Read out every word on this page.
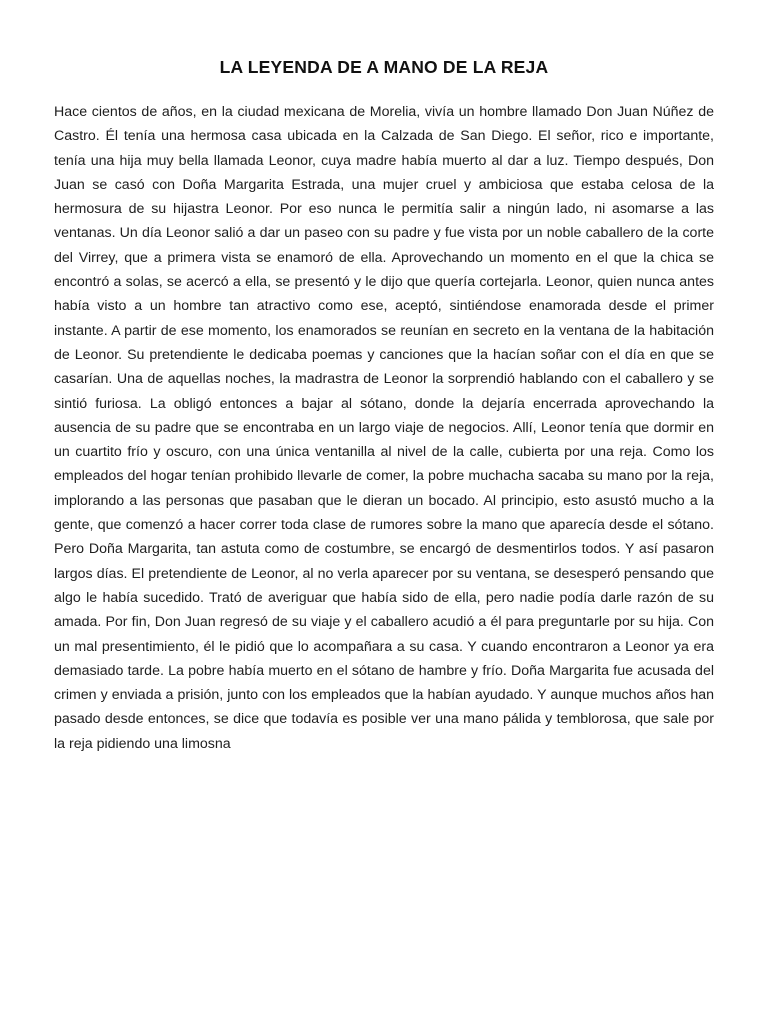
LA LEYENDA DE A MANO DE LA REJA

Hace cientos de años, en la ciudad mexicana de Morelia, vivía un hombre llamado Don Juan Núñez de Castro. Él tenía una hermosa casa ubicada en la Calzada de San Diego. El señor, rico e importante, tenía una hija muy bella llamada Leonor, cuya madre había muerto al dar a luz. Tiempo después, Don Juan se casó con Doña Margarita Estrada, una mujer cruel y ambiciosa que estaba celosa de la hermosura de su hijastra Leonor. Por eso nunca le permitía salir a ningún lado, ni asomarse a las ventanas. Un día Leonor salió a dar un paseo con su padre y fue vista por un noble caballero de la corte del Virrey, que a primera vista se enamoró de ella. Aprovechando un momento en el que la chica se encontró a solas, se acercó a ella, se presentó y le dijo que quería cortejarla. Leonor, quien nunca antes había visto a un hombre tan atractivo como ese, aceptó, sintiéndose enamorada desde el primer instante. A partir de ese momento, los enamorados se reunían en secreto en la ventana de la habitación de Leonor. Su pretendiente le dedicaba poemas y canciones que la hacían soñar con el día en que se casarían. Una de aquellas noches, la madrastra de Leonor la sorprendió hablando con el caballero y se sintió furiosa. La obligó entonces a bajar al sótano, donde la dejaría encerrada aprovechando la ausencia de su padre que se encontraba en un largo viaje de negocios. Allí, Leonor tenía que dormir en un cuartito frío y oscuro, con una única ventanilla al nivel de la calle, cubierta por una reja. Como los empleados del hogar tenían prohibido llevarle de comer, la pobre muchacha sacaba su mano por la reja, implorando a las personas que pasaban que le dieran un bocado. Al principio, esto asustó mucho a la gente, que comenzó a hacer correr toda clase de rumores sobre la mano que aparecía desde el sótano. Pero Doña Margarita, tan astuta como de costumbre, se encargó de desmentirlos todos. Y así pasaron largos días. El pretendiente de Leonor, al no verla aparecer por su ventana, se desesperó pensando que algo le había sucedido. Trató de averiguar que había sido de ella, pero nadie podía darle razón de su amada. Por fin, Don Juan regresó de su viaje y el caballero acudió a él para preguntarle por su hija. Con un mal presentimiento, él le pidió que lo acompañara a su casa. Y cuando encontraron a Leonor ya era demasiado tarde. La pobre había muerto en el sótano de hambre y frío. Doña Margarita fue acusada del crimen y enviada a prisión, junto con los empleados que la habían ayudado. Y aunque muchos años han pasado desde entonces, se dice que todavía es posible ver una mano pálida y temblorosa, que sale por la reja pidiendo una limosna
